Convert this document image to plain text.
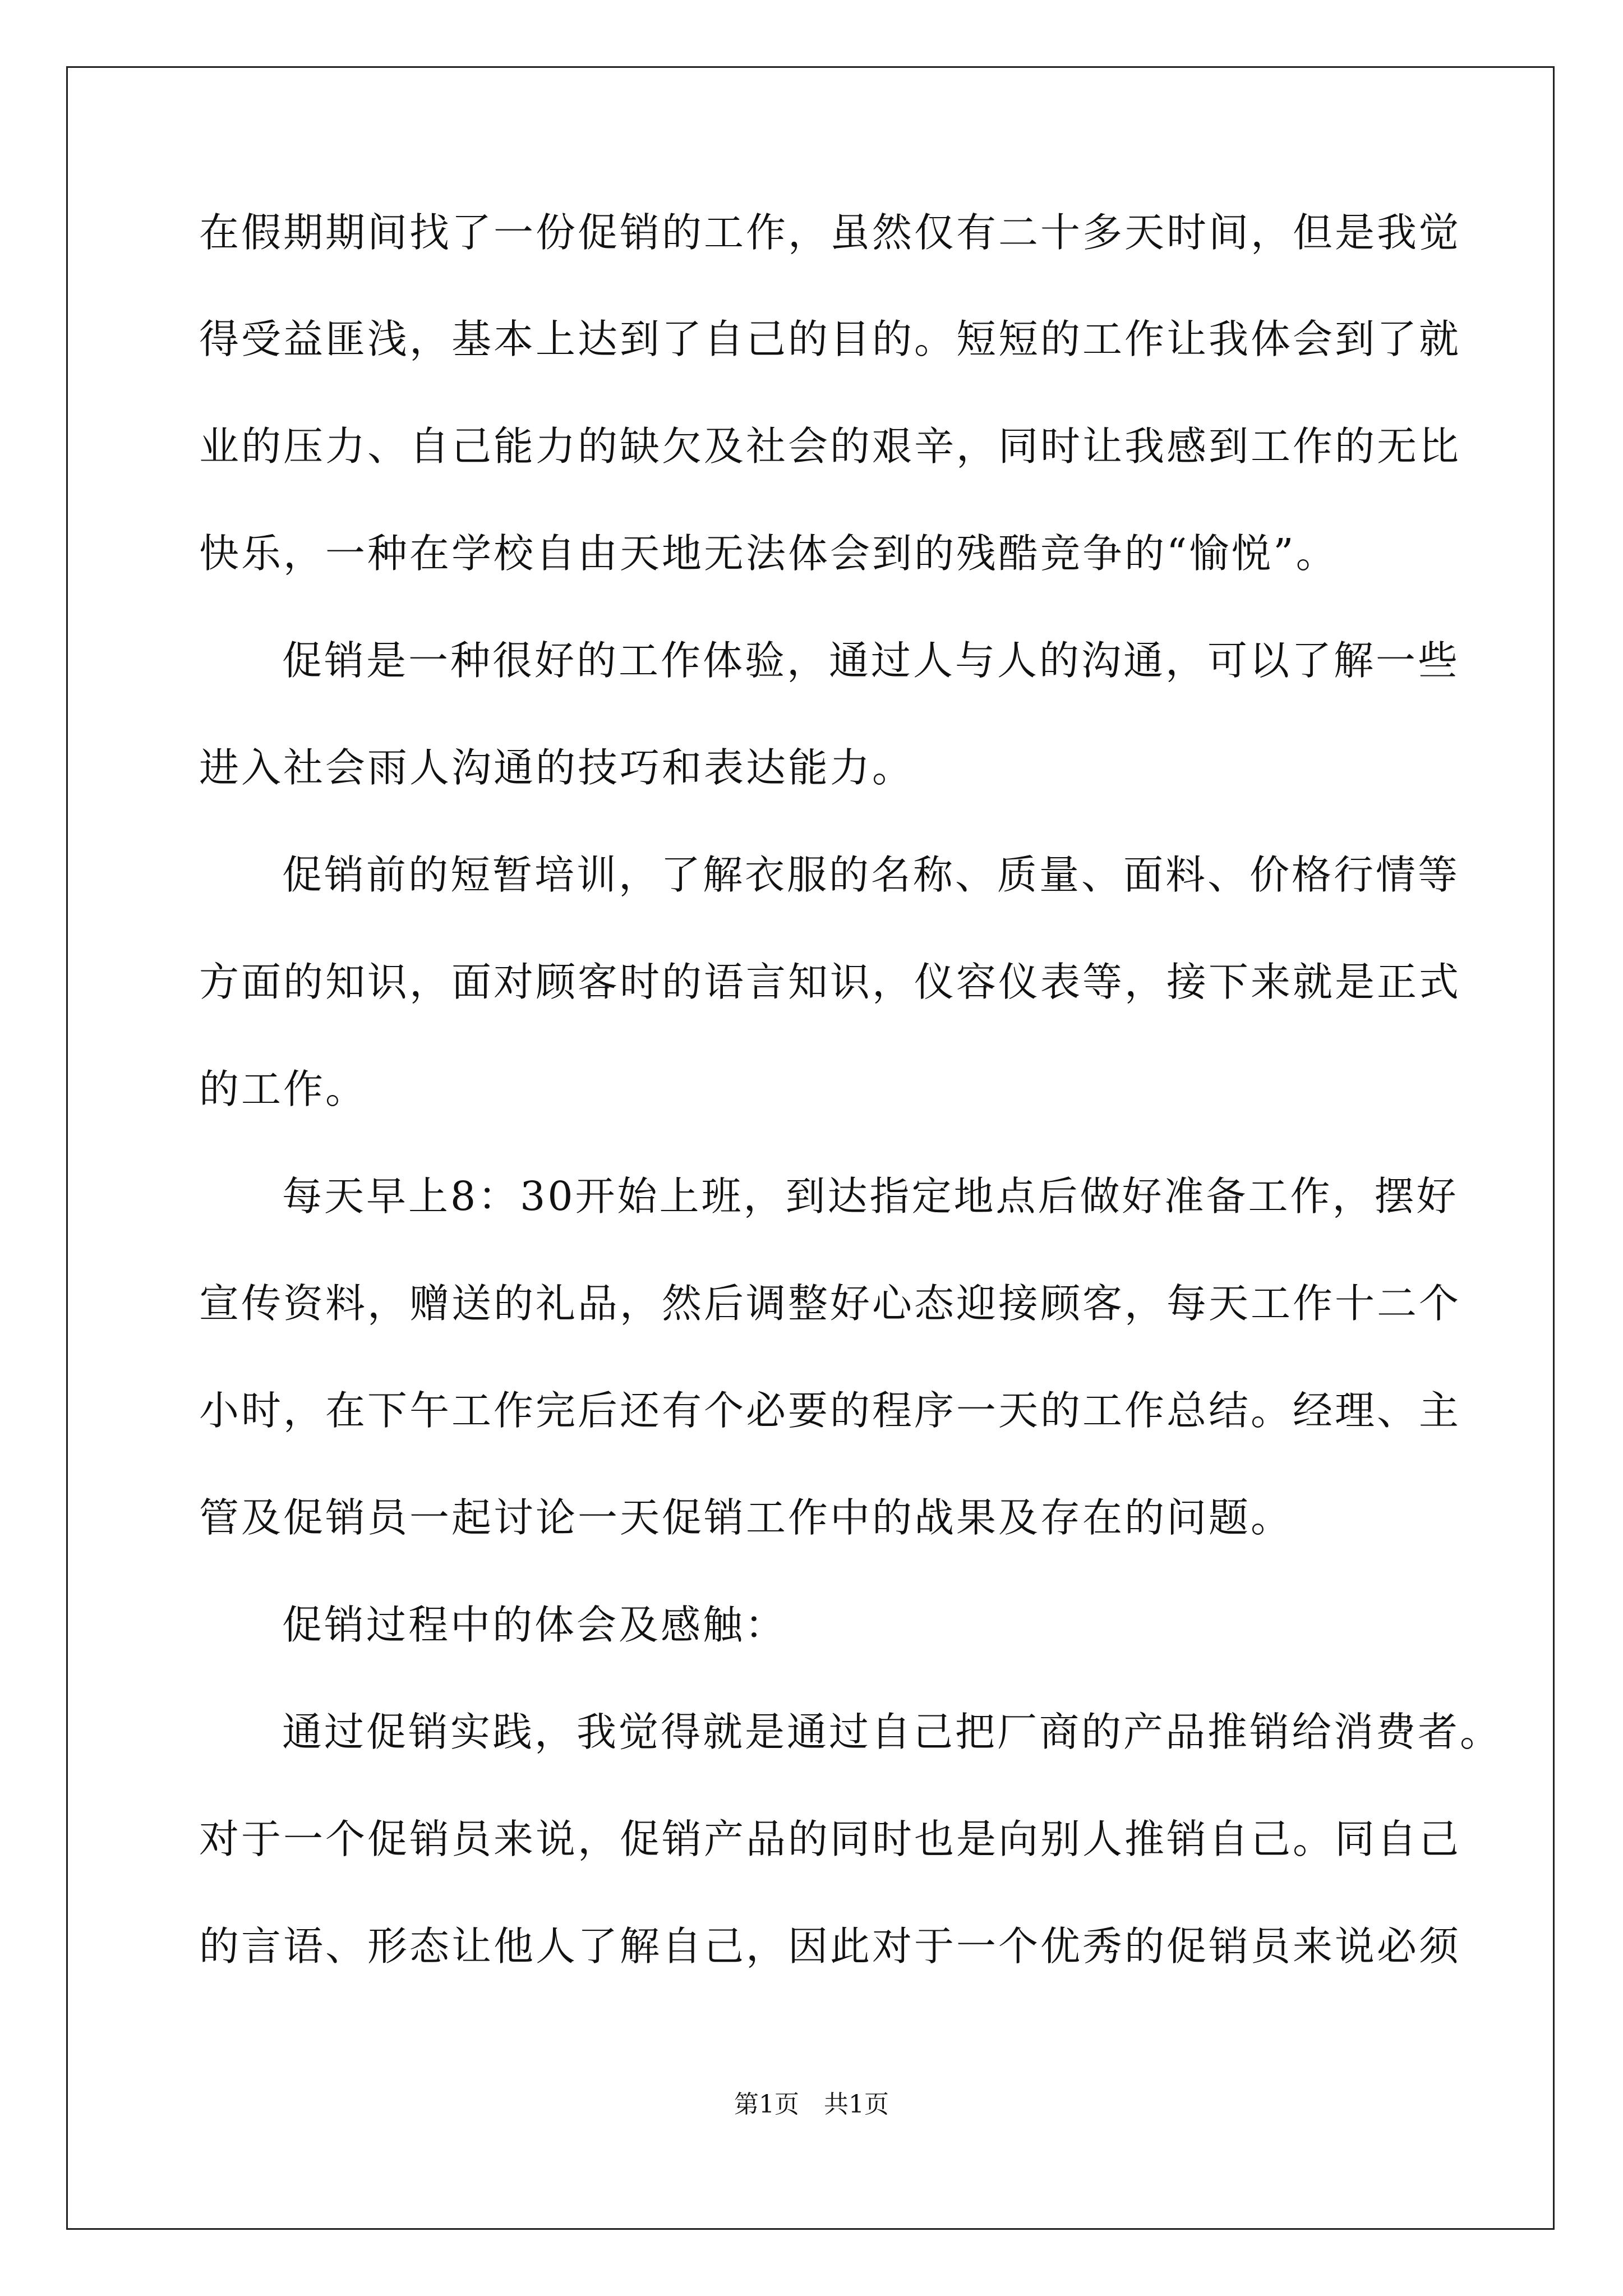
在假期期间找了一份促销的工作，虽然仅有二十多天时间，但是我觉
得受益匪浅，基本上达到了自己的目的。短短的工作让我体会到了就
业的压力、自己能力的缺欠及社会的艰辛，同时让我感到工作的无比
快乐，一种在学校自由天地无法体会到的残酷竞争的“愉悦”。
促销是一种很好的工作体验，通过人与人的沟通，可以了解一些
进入社会雨人沟通的技巧和表达能力。
促销前的短暂培训，了解衣服的名称、质量、面料、价格行情等
方面的知识，面对顾客时的语言知识，仪容仪表等，接下来就是正式
的工作。
每天早上8：30开始上班，到达指定地点后做好准备工作，摆好
宣传资料，赠送的礼品，然后调整好心态迎接顾客，每天工作十二个
小时，在下午工作完后还有个必要的程序一天的工作总结。经理、主
管及促销员一起讨论一天促销工作中的战果及存在的问题。
促销过程中的体会及感触：
通过促销实践，我觉得就是通过自己把厂商的产品推销给消费者。
对于一个促销员来说，促销产品的同时也是向别人推销自己。同自己
的言语、形态让他人了解自己，因此对于一个优秀的促销员来说必须
第1页　共1页
